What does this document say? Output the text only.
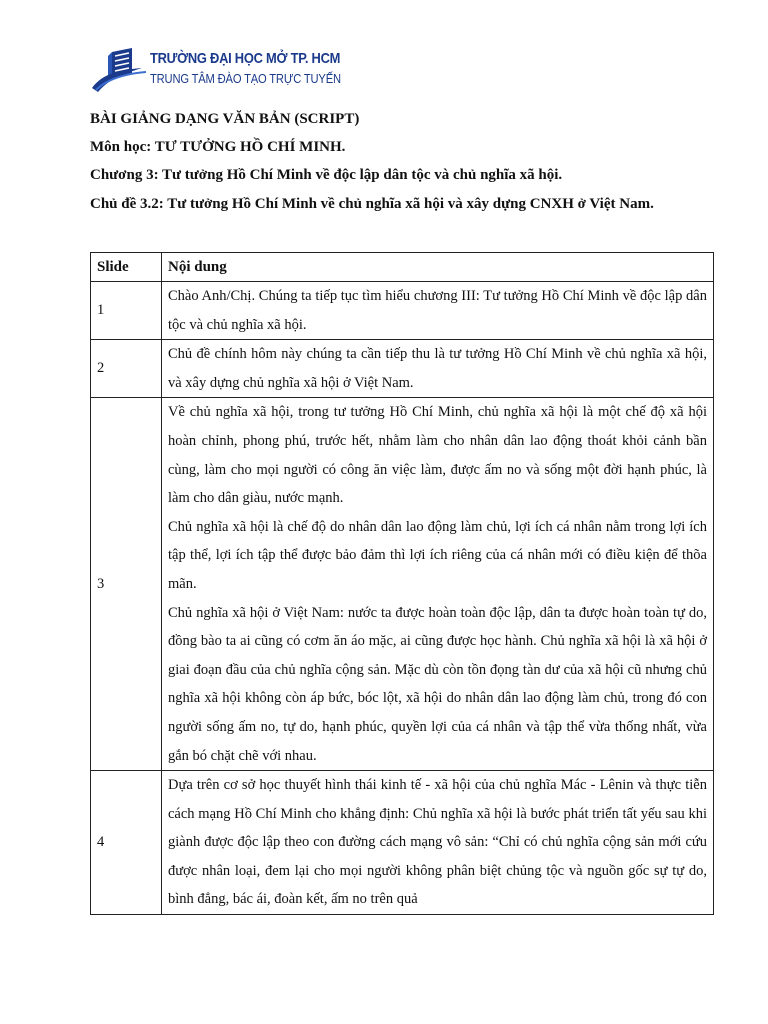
TRƯỜNG ĐẠI HỌC MỞ TP. HCM
TRUNG TÂM ĐÀO TẠO TRỰC TUYẾN
BÀI GIẢNG DẠNG VĂN BẢN (SCRIPT)
Môn học: TƯ TƯỞNG HỒ CHÍ MINH.
Chương 3: Tư tưởng Hồ Chí Minh về độc lập dân tộc và chủ nghĩa xã hội.
Chủ đề 3.2: Tư tưởng Hồ Chí Minh về chủ nghĩa xã hội và xây dựng CNXH ở Việt Nam.
Slide	Nội dung
1	Chào Anh/Chị. Chúng ta tiếp tục tìm hiểu chương III: Tư tưởng Hồ Chí Minh về độc lập dân tộc và chủ nghĩa xã hội.

2	Chủ đề chính hôm này chúng ta cần tiếp thu là tư tưởng Hồ Chí Minh về chủ nghĩa xã hội, và xây dựng chủ nghĩa xã hội ở Việt Nam.

3	Về chủ nghĩa xã hội, trong tư tưởng Hồ Chí Minh, chủ nghĩa xã hội là một chế độ xã hội hoàn chỉnh, phong phú, trước hết, nhằm làm cho nhân dân lao động thoát khỏi cảnh bần cùng, làm cho mọi người có công ăn việc làm, được ấm no và sống một đời hạnh phúc, là làm cho dân giàu, nước mạnh.

Chủ nghĩa xã hội là chế độ do nhân dân lao động làm chủ, lợi ích cá nhân nằm trong lợi ích tập thể, lợi ích tập thể được bảo đảm thì lợi ích riêng của cá nhân mới có điều kiện để thõa mãn.

Chủ nghĩa xã hội ở Việt Nam: nước ta được hoàn toàn độc lập, dân ta được hoàn toàn tự do, đồng bào ta ai cũng có cơm ăn áo mặc, ai cũng được học hành. Chủ nghĩa xã hội là xã hội ở giai đoạn đầu của chủ nghĩa cộng sản. Mặc dù còn tồn đọng tàn dư của xã hội cũ nhưng chủ nghĩa xã hội không còn áp bức, bóc lột, xã hội do nhân dân lao động làm chủ, trong đó con người sống ấm no, tự do, hạnh phúc, quyền lợi của cá nhân và tập thể vừa thống nhất, vừa gắn bó chặt chẽ với nhau.

4	Dựa trên cơ sở học thuyết hình thái kinh tế - xã hội của chủ nghĩa Mác - Lênin và thực tiễn cách mạng Hồ Chí Minh cho khẳng định: Chủ nghĩa xã hội là bước phát triển tất yếu sau khi giành được độc lập theo con đường cách mạng vô sản: “Chỉ có chủ nghĩa cộng sản mới cứu được nhân loại, đem lại cho mọi người không phân biệt chủng tộc và nguồn gốc sự tự do, bình đẳng, bác ái, đoàn kết, ấm no trên quả
